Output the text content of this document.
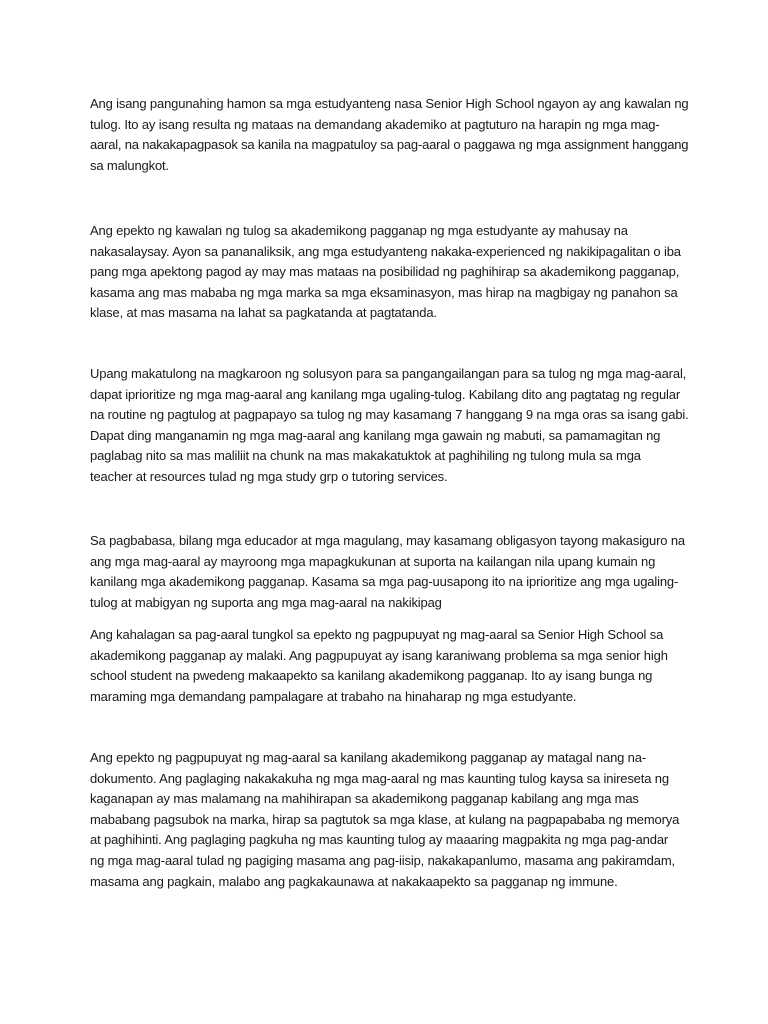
Ang isang pangunahing hamon sa mga estudyanteng nasa Senior High School ngayon ay ang kawalan ng
tulog. Ito ay isang resulta ng mataas na demandang akademiko at pagtuturo na harapin ng mga mag-
aaral, na nakakapagpasok sa kanila na magpatuloy sa pag-aaral o paggawa ng mga assignment hanggang
sa malungkot.

Ang epekto ng kawalan ng tulog sa akademikong pagganap ng mga estudyante ay mahusay na
nakasalaysay. Ayon sa pananaliksik, ang mga estudyanteng nakaka-experienced ng nakikipagalitan o iba
pang mga apektong pagod ay may mas mataas na posibilidad ng paghihirap sa akademikong pagganap,
kasama ang mas mababa ng mga marka sa mga eksaminasyon, mas hirap na magbigay ng panahon sa
klase, at mas masama na lahat sa pagkatanda at pagtatanda.

Upang makatulong na magkaroon ng solusyon para sa pangangailangan para sa tulog ng mga mag-aaral,
dapat iprioritize ng mga mag-aaral ang kanilang mga ugaling-tulog. Kabilang dito ang pagtatag ng regular
na routine ng pagtulog at pagpapayo sa tulog ng may kasamang 7 hanggang 9 na mga oras sa isang gabi.
Dapat ding manganamin ng mga mag-aaral ang kanilang mga gawain ng mabuti, sa pamamagitan ng
paglabag nito sa mas maliliit na chunk na mas makakatuktok at paghihiling ng tulong mula sa mga
teacher at resources tulad ng mga study grp o tutoring services.

Sa pagbabasa, bilang mga educador at mga magulang, may kasamang obligasyon tayong makasiguro na
ang mga mag-aaral ay mayroong mga mapagkukunan at suporta na kailangan nila upang kumain ng
kanilang mga akademikong pagganap. Kasama sa mga pag-uusapong ito na iprioritize ang mga ugaling-
tulog at mabigyan ng suporta ang mga mag-aaral na nakikipag

Ang kahalagan sa pag-aaral tungkol sa epekto ng pagpupuyat ng mag-aaral sa Senior High School sa
akademikong pagganap ay malaki. Ang pagpupuyat ay isang karaniwang problema sa mga senior high
school student na pwedeng makaapekto sa kanilang akademikong pagganap. Ito ay isang bunga ng
maraming mga demandang pampalagare at trabaho na hinaharap ng mga estudyante.

Ang epekto ng pagpupuyat ng mag-aaral sa kanilang akademikong pagganap ay matagal nang na-
dokumento. Ang paglaging nakakakuha ng mga mag-aaral ng mas kaunting tulog kaysa sa inireseta ng
kaganapan ay mas malamang na mahihirapan sa akademikong pagganap kabilang ang mga mas
mababang pagsubok na marka, hirap sa pagtutok sa mga klase, at kulang na pagpapababa ng memorya
at paghihinti. Ang paglaging pagkuha ng mas kaunting tulog ay maaaring magpakita ng mga pag-andar
ng mga mag-aaral tulad ng pagiging masama ang pag-iisip, nakakapanlumo, masama ang pakiramdam,
masama ang pagkain, malabo ang pagkakaunawa at nakakaapekto sa pagganap ng immune.
